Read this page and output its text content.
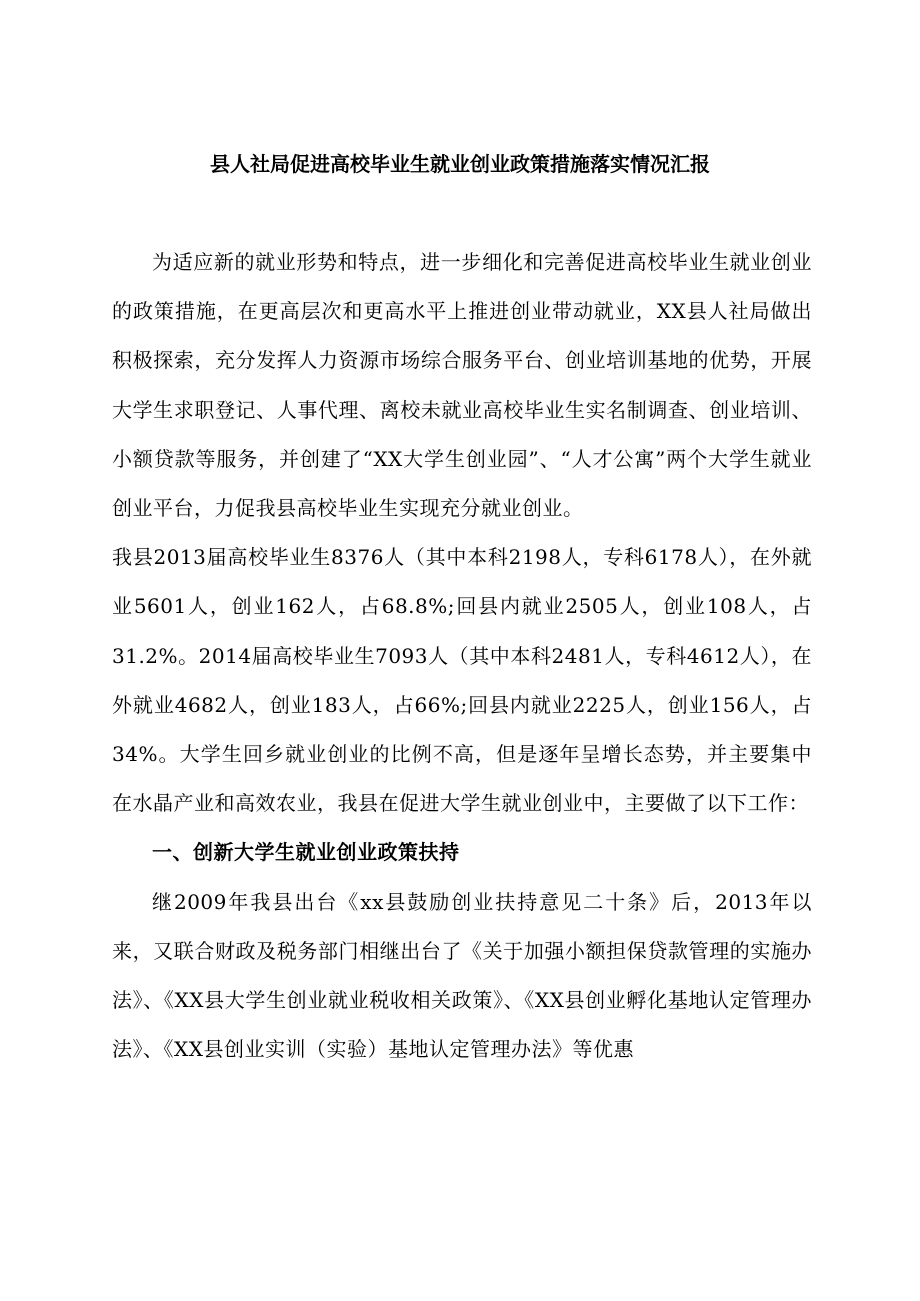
县人社局促进高校毕业生就业创业政策措施落实情况汇报

为适应新的就业形势和特点，进一步细化和完善促进高校毕业生就业创业的政策措施，在更高层次和更高水平上推进创业带动就业，XX县人社局做出积极探索，充分发挥人力资源市场综合服务平台、创业培训基地的优势，开展大学生求职登记、人事代理、离校未就业高校毕业生实名制调查、创业培训、小额贷款等服务，并创建了“XX大学生创业园”、“人才公寓”两个大学生就业创业平台，力促我县高校毕业生实现充分就业创业。

我县2013届高校毕业生8376人（其中本科2198人，专科6178人），在外就业5601人，创业162人，占68.8%;回县内就业2505人，创业108人，占31.2%。2014届高校毕业生7093人（其中本科2481人，专科4612人），在外就业4682人，创业183人，占66%;回县内就业2225人，创业156人，占34%。大学生回乡就业创业的比例不高，但是逐年呈增长态势，并主要集中在水晶产业和高效农业，我县在促进大学生就业创业中，主要做了以下工作：

一、创新大学生就业创业政策扶持

继2009年我县出台《xx县鼓励创业扶持意见二十条》后，2013年以来，又联合财政及税务部门相继出台了《关于加强小额担保贷款管理的实施办法》、《XX县大学生创业就业税收相关政策》、《XX县创业孵化基地认定管理办法》、《XX县创业实训（实验）基地认定管理办法》等优惠
